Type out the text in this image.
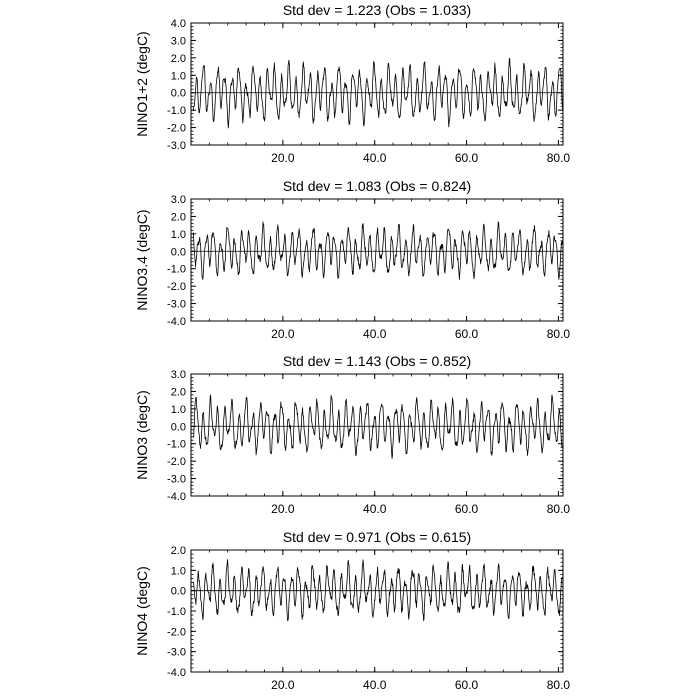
Std dev = 1.223 (Obs = 1.033)
NINO1+2 (degC)
4.0
3.0
2.0
1.0
0.0
-1.0
-2.0
-3.0
20.0	40.0	60.0	80.0
Std dev = 1.083 (Obs = 0.824)
NINO3.4 (degC)
3.0
2.0
1.0
0.0
-1.0
-2.0
-3.0
-4.0
20.0	40.0	60.0	80.0
Std dev = 1.143 (Obs = 0.852)
NINO3 (degC)
3.0
2.0
1.0
0.0
-1.0
-2.0
-3.0
-4.0
20.0	40.0	60.0	80.0
Std dev = 0.971 (Obs = 0.615)
NINO4 (degC)
2.0
1.0
0.0
-1.0
-2.0
-3.0
-4.0
20.0	40.0	60.0	80.0
